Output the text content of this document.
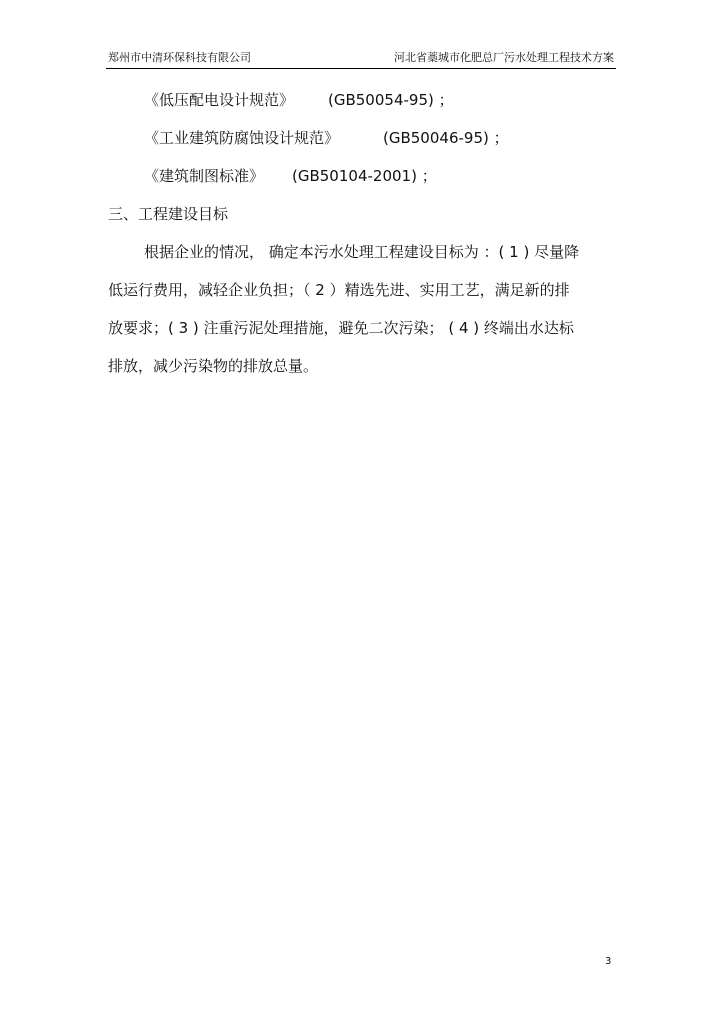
郑州市中清环保科技有限公司	河北省藁城市化肥总厂污水处理工程技术方案
《低压配电设计规范》 (GB50054-95) ；
《工业建筑防腐蚀设计规范》	(GB50046-95) ；
《建筑制图标准》 (GB50104-2001) ；
三、工程建设目标
根据企业的情况， 确定本污水处理工程建设目标为 ：( 1 ) 尽量降
低运行费用，减轻企业负担；（ 2 ）精选先进、实用工艺，满足新的排
放要求；( 3 ) 注重污泥处理措施，避免二次污染； ( 4 ) 终端出水达标
排放，减少污染物的排放总量。
3
